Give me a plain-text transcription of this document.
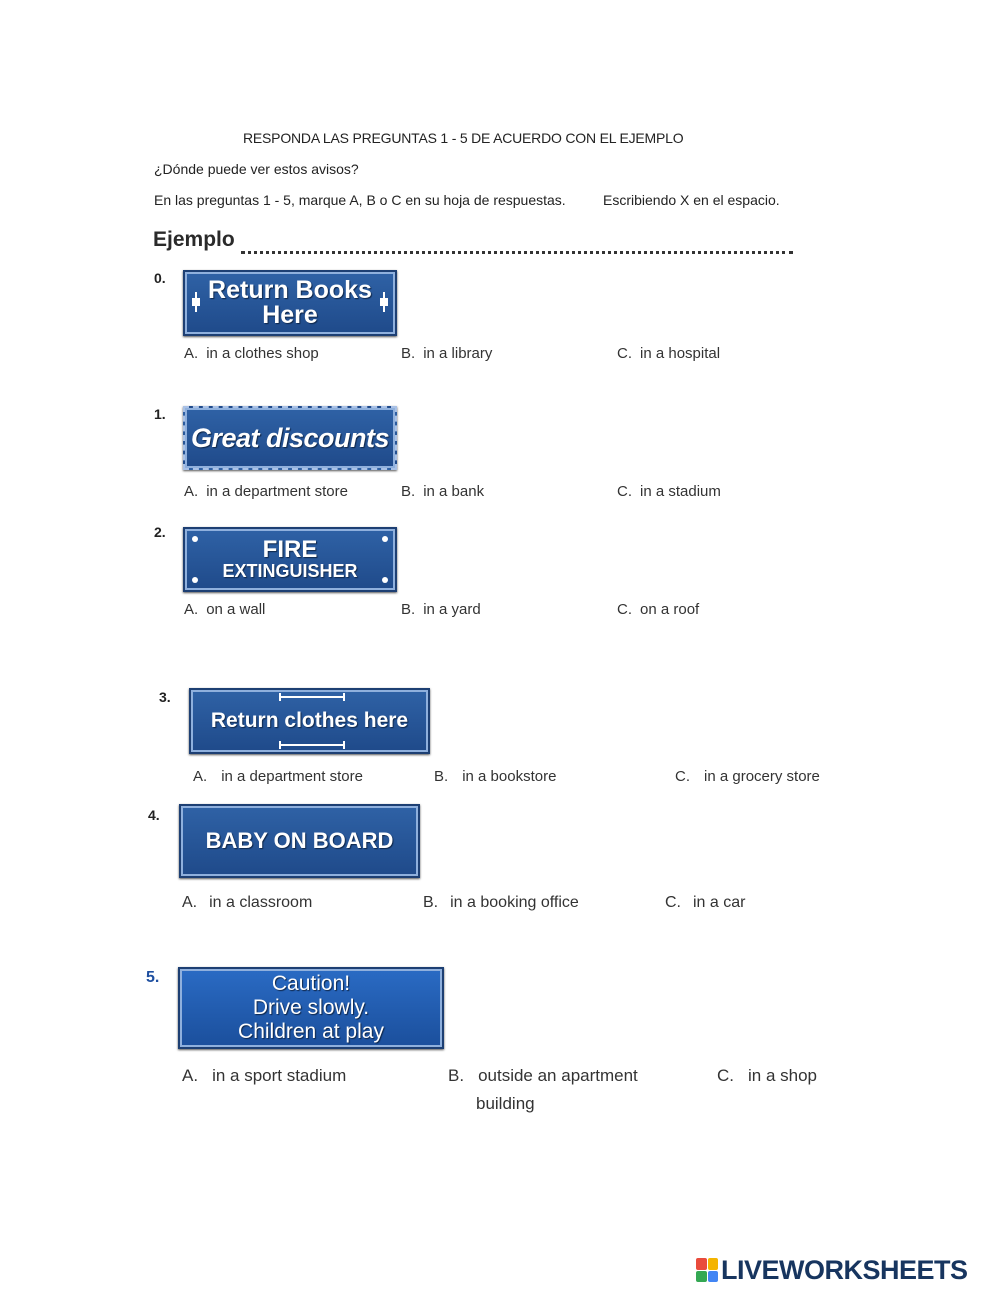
RESPONDA LAS PREGUNTAS 1 - 5 DE ACUERDO CON EL EJEMPLO
¿Dónde puede ver estos avisos?
En las preguntas 1 - 5, marque A, B o C en su hoja de respuestas.	Escribiendo X en el espacio.
Ejemplo
0. Return Books
Here
A. in a clothes shop	B. in a library	C. in a hospital
1.
Great discounts
A. in a department store	B. in a bank	C. in a stadium
2.
FIRE
EXTINGUISHER
A. on a wall	B. in a yard	C. on a roof
3.
Return clothes here
A. in a department store	B. in a bookstore	C. in a grocery store
4.
BABY ON BOARD
A. in a classroom	B. in a booking office	C. in a car
5.	Caution!
Drive slowly.
Children at play
A. in a sport stadium	B. outside an apartment
building
C. in a shop
LIVEWORKSHEETS
